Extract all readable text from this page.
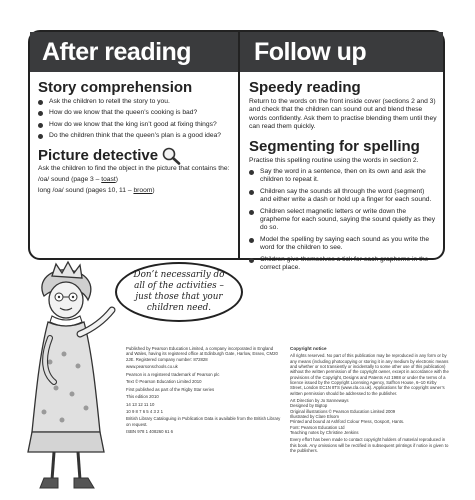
After reading
Story comprehension
Ask the children to retell the story to you.
How do we know that the queen’s cooking is bad?
How do we know that the king isn’t good at fixing things?
Do the children think that the queen’s plan is a good idea?
Picture detective

Ask the children to find the object in the picture that contains the:

/oa/ sound (page 3 – toast)

long /oa/ sound (pages 10, 11 – broom)

Follow up
Speedy reading

Return to the words on the front inside cover (sections 2 and 3) and check that the children can sound out and blend these words confidently. Ask them to practise blending them until they can read them quickly.

Segmenting for spelling

Practise this spelling routine using the words in section 2.

Say the word in a sentence, then on its own and ask the children to repeat it.
Children say the sounds all through the word (segment) and either write a dash or hold up a finger for each sound.
Children select magnetic letters or write down the grapheme for each sound, saying the sound quietly as they do so.
Model the spelling by saying each sound as you write the word for the children to see.
Children give themselves a tick for each grapheme in the correct place.
Don’t necessarily do all of the activities – just those that your children need.

Published by Pearson Education Limited, a company incorporated in England and Wales, having its registered office at Edinburgh Gate, Harlow, Essex, CM20 2JE. Registered company number: 872828

www.pearsonschools.co.uk

Pearson is a registered trademark of Pearson plc

Text © Pearson Education Limited 2010

First published as part of the Rigby Star series

This edition 2010

14 13 12 11 10

10 9 8 7 6 5 4 3 2 1

British Library Cataloguing in Publication Data is available from the British Library on request.

ISBN 978 1 408260 61 6

Copyright notice

All rights reserved. No part of this publication may be reproduced in any form or by any means (including photocopying or storing it in any medium by electronic means and whether or not transiently or incidentally to some other use of this publication) without the written permission of the copyright owner, except in accordance with the provisions of the Copyright, Designs and Patents Act 1988 or under the terms of a licence issued by the Copyright Licensing Agency, Saffron House, 6–10 Kirby Street, London EC1N 8TS (www.cla.co.uk). Applications for the copyright owner’s written permission should be addressed to the publisher.

Art Direction by Jo Sanneways
Designed by Bigtop
Original illustrations © Pearson Education Limited 2009
Illustrated by Clare Elsom
Printed and bound at Ashford Colour Press, Gosport, Hants.
Font: Pearson Education Ltd
Teaching notes by Christine Jenkins

Every effort has been made to contact copyright holders of material reproduced in this book. Any omissions will be rectified in subsequent printings if notice is given to the publishers.
